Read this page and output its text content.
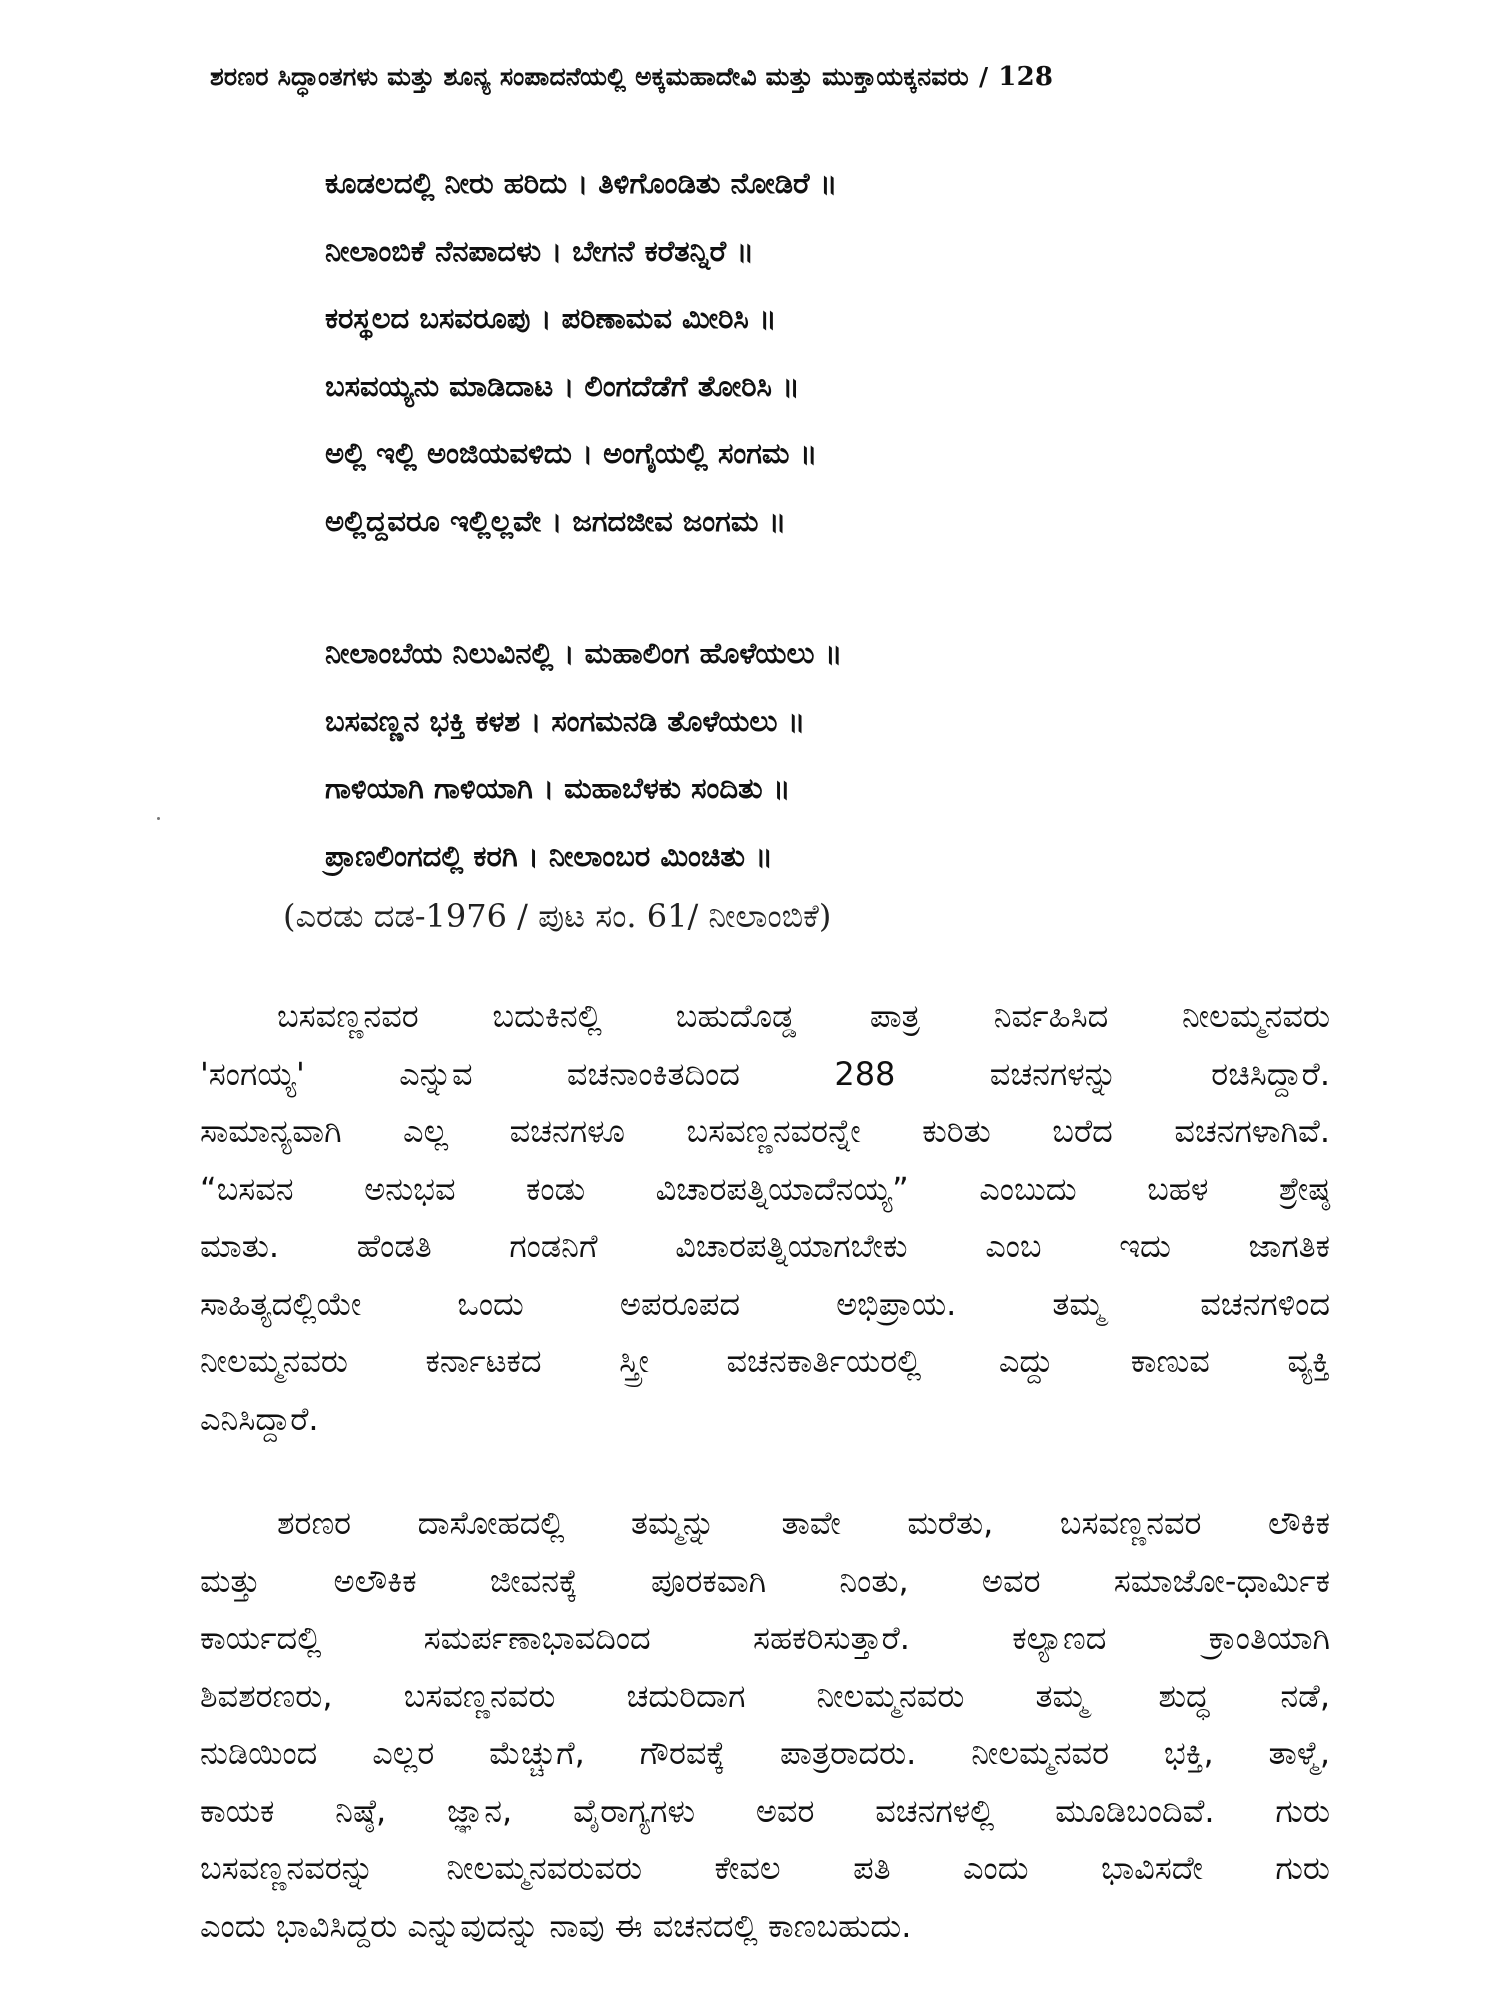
ಶರಣರ ಸಿದ್ಧಾಂತಗಳು ಮತ್ತು ಶೂನ್ಯ ಸಂಪಾದನೆಯಲ್ಲಿ ಅಕ್ಕಮಹಾದೇವಿ ಮತ್ತು ಮುಕ್ತಾಯಕ್ಕನವರು / 128
ಕೂಡಲದಲ್ಲಿ ನೀರು ಹರಿದು । ತಿಳಿಗೊಂಡಿತು ನೋಡಿರೆ ॥
ನೀಲಾಂಬಿಕೆ ನೆನಪಾದಳು । ಬೇಗನೆ ಕರೆತನ್ನಿರೆ ॥
ಕರಸ್ಥಲದ ಬಸವರೂಪು । ಪರಿಣಾಮವ ಮೀರಿಸಿ ॥
ಬಸವಯ್ಯನು ಮಾಡಿದಾಟ । ಲಿಂಗದೆಡೆಗೆ ತೋರಿಸಿ ॥
ಅಲ್ಲಿ ಇಲ್ಲಿ ಅಂಜಿಯವಳಿದು । ಅಂಗೈಯಲ್ಲಿ ಸಂಗಮ ॥
ಅಲ್ಲಿದ್ದವರೂ ಇಲ್ಲಿಲ್ಲವೇ । ಜಗದಜೀವ ಜಂಗಮ ॥
ನೀಲಾಂಬೆಯ ನಿಲುವಿನಲ್ಲಿ । ಮಹಾಲಿಂಗ ಹೊಳೆಯಲು ॥
ಬಸವಣ್ಣನ ಭಕ್ತಿ ಕಳಶ । ಸಂಗಮನಡಿ ತೊಳೆಯಲು ॥
ಗಾಳಿಯಾಗಿ ಗಾಳಿಯಾಗಿ । ಮಹಾಬೆಳಕು ಸಂದಿತು ॥
ಪ್ರಾಣಲಿಂಗದಲ್ಲಿ ಕರಗಿ । ನೀಲಾಂಬರ ಮಿಂಚಿತು ॥
(ಎರಡು ದಡ-1976 / ಪುಟ ಸಂ. 61/ ನೀಲಾಂಬಿಕೆ)
ಬಸವಣ್ಣನವರ ಬದುಕಿನಲ್ಲಿ ಬಹುದೊಡ್ಡ ಪಾತ್ರ ನಿರ್ವಹಿಸಿದ ನೀಲಮ್ಮನವರು
'ಸಂಗಯ್ಯ' ಎನ್ನುವ ವಚನಾಂಕಿತದಿಂದ 288 ವಚನಗಳನ್ನು ರಚಿಸಿದ್ದಾರೆ.
ಸಾಮಾನ್ಯವಾಗಿ ಎಲ್ಲ ವಚನಗಳೂ ಬಸವಣ್ಣನವರನ್ನೇ ಕುರಿತು ಬರೆದ ವಚನಗಳಾಗಿವೆ.
“ಬಸವನ ಅನುಭವ ಕಂಡು ವಿಚಾರಪತ್ನಿಯಾದೆನಯ್ಯ” ಎಂಬುದು ಬಹಳ ಶ್ರೇಷ್ಠ
ಮಾತು. ಹೆಂಡತಿ ಗಂಡನಿಗೆ ವಿಚಾರಪತ್ನಿಯಾಗಬೇಕು ಎಂಬ ಇದು ಜಾಗತಿಕ
ಸಾಹಿತ್ಯದಲ್ಲಿಯೇ ಒಂದು ಅಪರೂಪದ ಅಭಿಪ್ರಾಯ. ತಮ್ಮ ವಚನಗಳಿಂದ
ನೀಲಮ್ಮನವರು ಕರ್ನಾಟಕದ ಸ್ತ್ರೀ ವಚನಕಾರ್ತಿಯರಲ್ಲಿ ಎದ್ದು ಕಾಣುವ ವ್ಯಕ್ತಿ
ಎನಿಸಿದ್ದಾರೆ.
ಶರಣರ ದಾಸೋಹದಲ್ಲಿ ತಮ್ಮನ್ನು ತಾವೇ ಮರೆತು, ಬಸವಣ್ಣನವರ ಲೌಕಿಕ
ಮತ್ತು ಅಲೌಕಿಕ ಜೀವನಕ್ಕೆ ಪೂರಕವಾಗಿ ನಿಂತು, ಅವರ ಸಮಾಜೋ-ಧಾರ್ಮಿಕ
ಕಾರ್ಯದಲ್ಲಿ ಸಮರ್ಪಣಾಭಾವದಿಂದ ಸಹಕರಿಸುತ್ತಾರೆ. ಕಲ್ಯಾಣದ ಕ್ರಾಂತಿಯಾಗಿ
ಶಿವಶರಣರು, ಬಸವಣ್ಣನವರು ಚದುರಿದಾಗ ನೀಲಮ್ಮನವರು ತಮ್ಮ ಶುದ್ಧ ನಡೆ,
ನುಡಿಯಿಂದ ಎಲ್ಲರ ಮೆಚ್ಚುಗೆ, ಗೌರವಕ್ಕೆ ಪಾತ್ರರಾದರು. ನೀಲಮ್ಮನವರ ಭಕ್ತಿ, ತಾಳ್ಮೆ,
ಕಾಯಕ ನಿಷ್ಠೆ, ಜ್ಞಾನ, ವೈರಾಗ್ಯಗಳು ಅವರ ವಚನಗಳಲ್ಲಿ ಮೂಡಿಬಂದಿವೆ. ಗುರು
ಬಸವಣ್ಣನವರನ್ನು ನೀಲಮ್ಮನವರುವರು ಕೇವಲ ಪತಿ ಎಂದು ಭಾವಿಸದೇ ಗುರು
ಎಂದು ಭಾವಿಸಿದ್ದರು ಎನ್ನುವುದನ್ನು ನಾವು ಈ ವಚನದಲ್ಲಿ ಕಾಣಬಹುದು.
